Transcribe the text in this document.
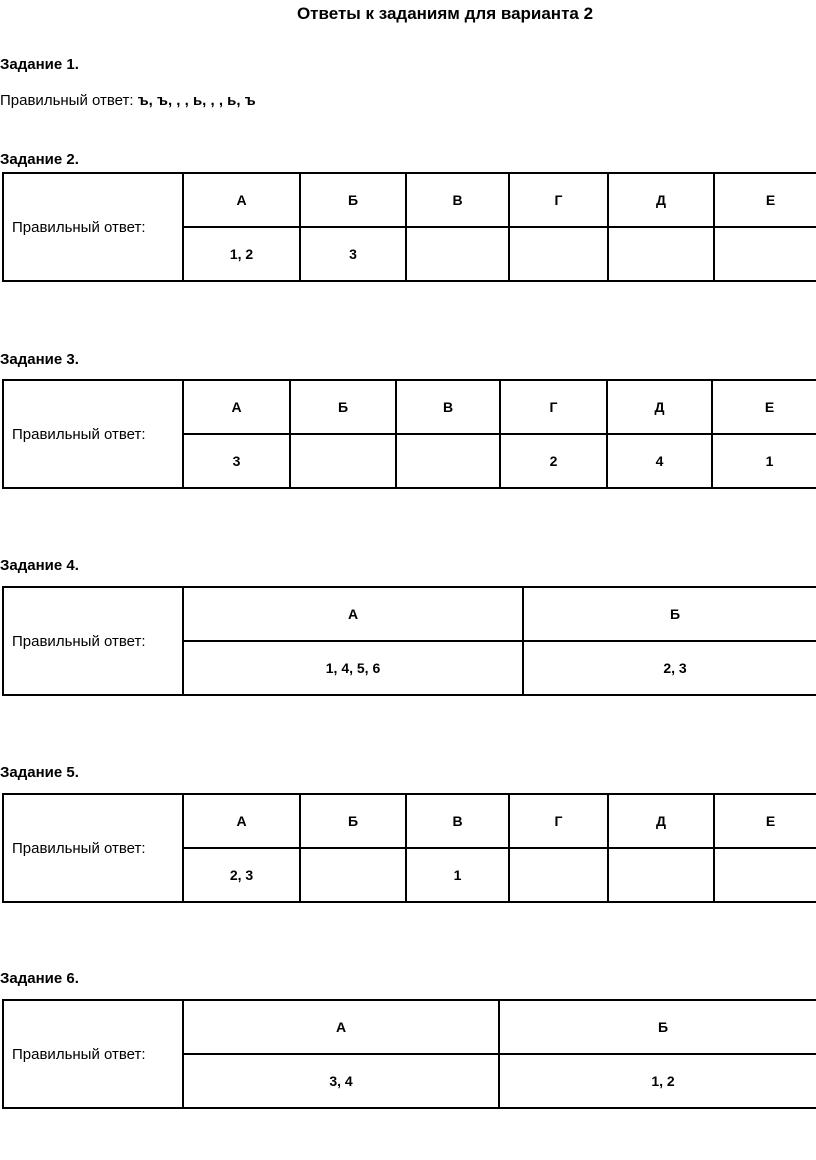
Ответы к заданиям для варианта 2
Задание 1.
Правильный ответ: ъ, ъ, , , ь, , , ь, ъ
Задание 2.
Правильный ответ:	А	Б	В	Г	Д	Е
	1, 2	3				
Задание 3.
Правильный ответ:	А	Б	В	Г	Д	Е
	3			2	4	1
Задание 4.
Правильный ответ:	А	Б
	1, 4, 5, 6	2, 3
Задание 5.
Правильный ответ:	А	Б	В	Г	Д	Е
	2, 3		1			
Задание 6.
Правильный ответ:	А	Б
	3, 4	1, 2
